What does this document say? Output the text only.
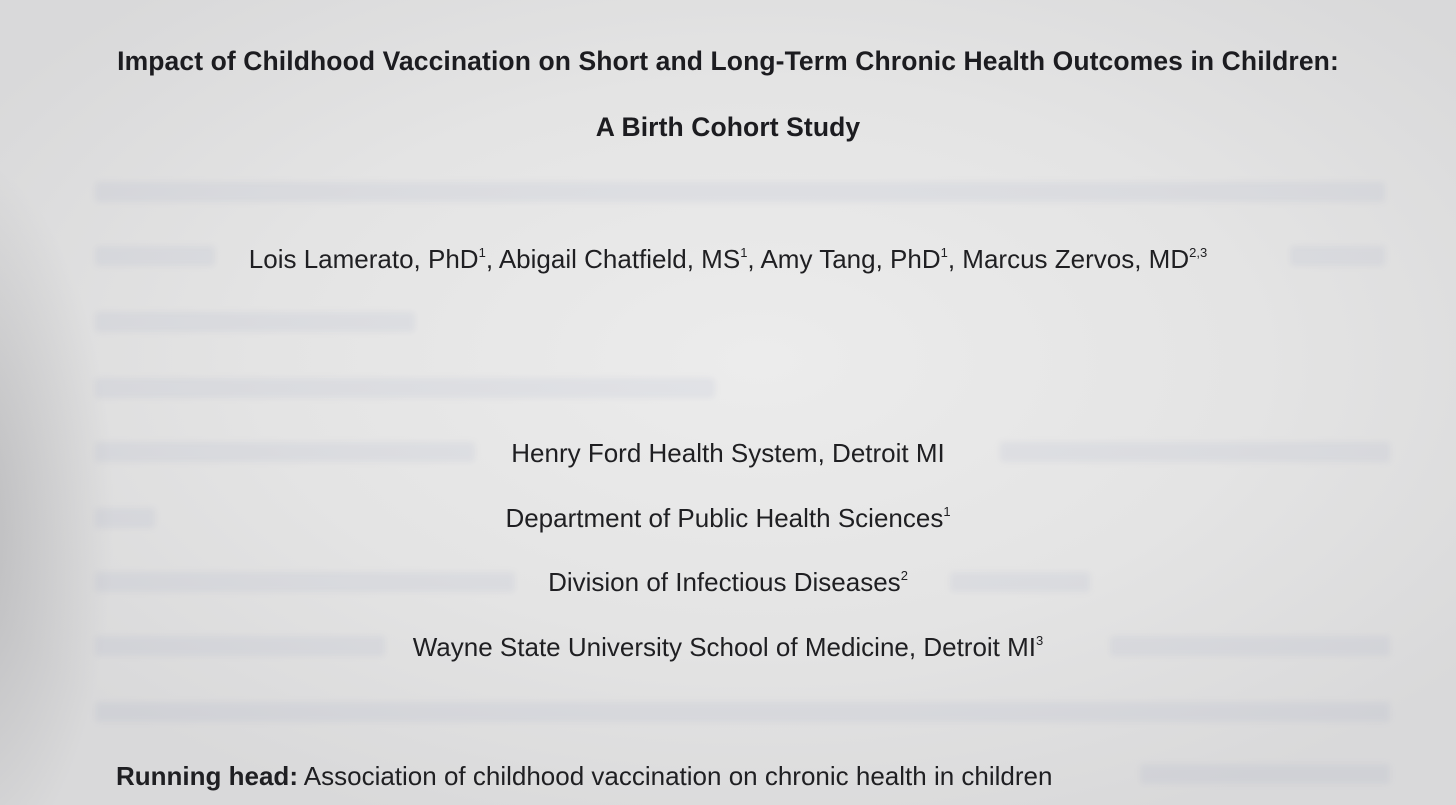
Impact of Childhood Vaccination on Short and Long-Term Chronic Health Outcomes in Children:
A Birth Cohort Study
Lois Lamerato, PhD$^1$, Abigail Chatfield, $MS^1$, Amy Tang, PhD$^1$, Marcus Zervos, MD$^{2,3}$
Henry Ford Health System, Detroit MI
Department of Public Health Sciences$^1$
Division of Infectious Diseases$^2$
Wayne State University School of Medicine, Detroit $MI^3$
Running head: Association of childhood vaccination on chronic health in children
